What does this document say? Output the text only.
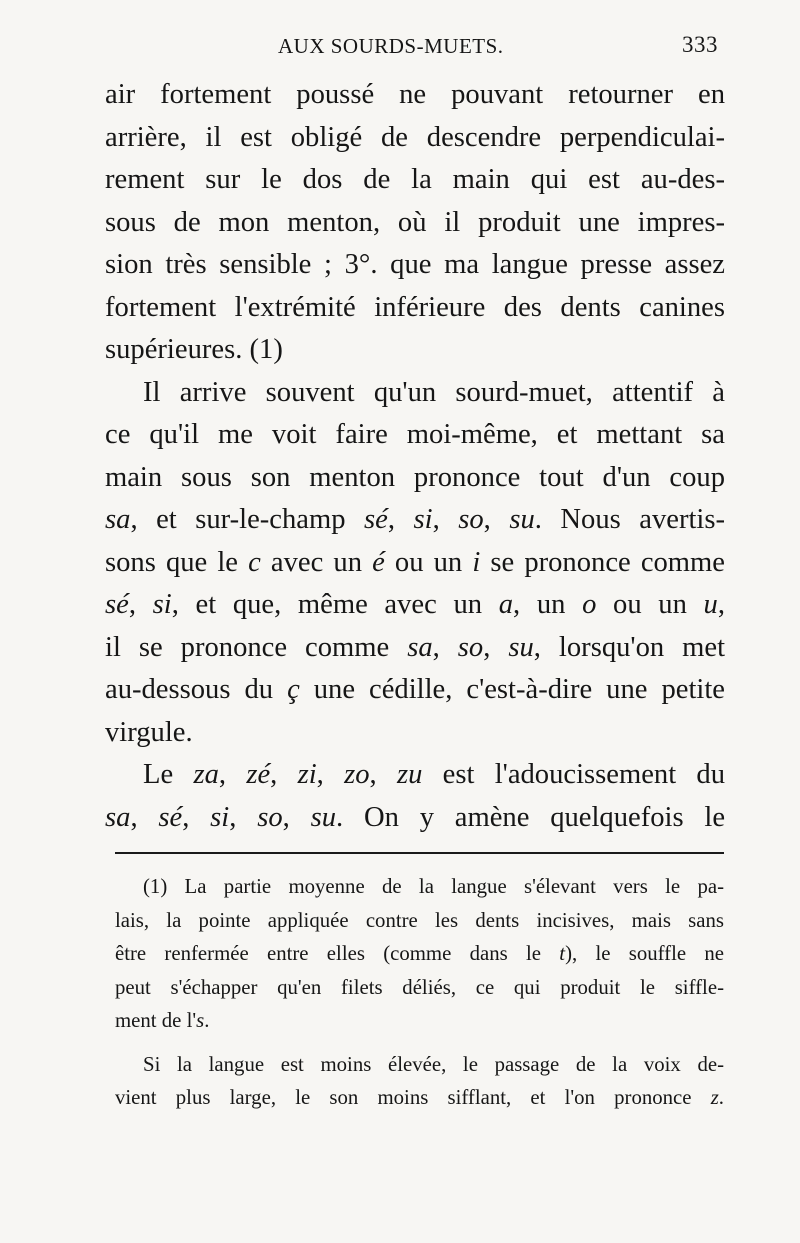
AUX SOURDS-MUETS.	333
air fortement poussé ne pouvant retourner en
arrière, il est obligé de descendre perpendiculai-
rement sur le dos de la main qui est au-des-
sous de mon menton, où il produit une impres-
sion très sensible ; 3°. que ma langue presse assez
fortement l'extrémité inférieure des dents canines
supérieures. (1)
Il arrive souvent qu'un sourd-muet, attentif à
ce qu'il me voit faire moi-même, et mettant sa
main sous son menton prononce tout d'un coup
sa, et sur-le-champ sé, si, so, su. Nous avertis-
sons que le c avec un é ou un i se prononce comme
sé, si, et que, même avec un a, un o ou un u,
il se prononce comme sa, so, su, lorsqu'on met
au-dessous du ç une cédille, c'est-à-dire une petite
virgule.
Le za, zé, zi, zo, zu est l'adoucissement du
sa, sé, si, so, su. On y amène quelquefois le
(1) La partie moyenne de la langue s'élevant vers le pa-
lais, la pointe appliquée contre les dents incisives, mais sans
être renfermée entre elles (comme dans le t), le souffle ne
peut s'échapper qu'en filets déliés, ce qui produit le siffle-
ment de l's.
Si la langue est moins élevée, le passage de la voix de-
vient plus large, le son moins sifflant, et l'on prononce z.
